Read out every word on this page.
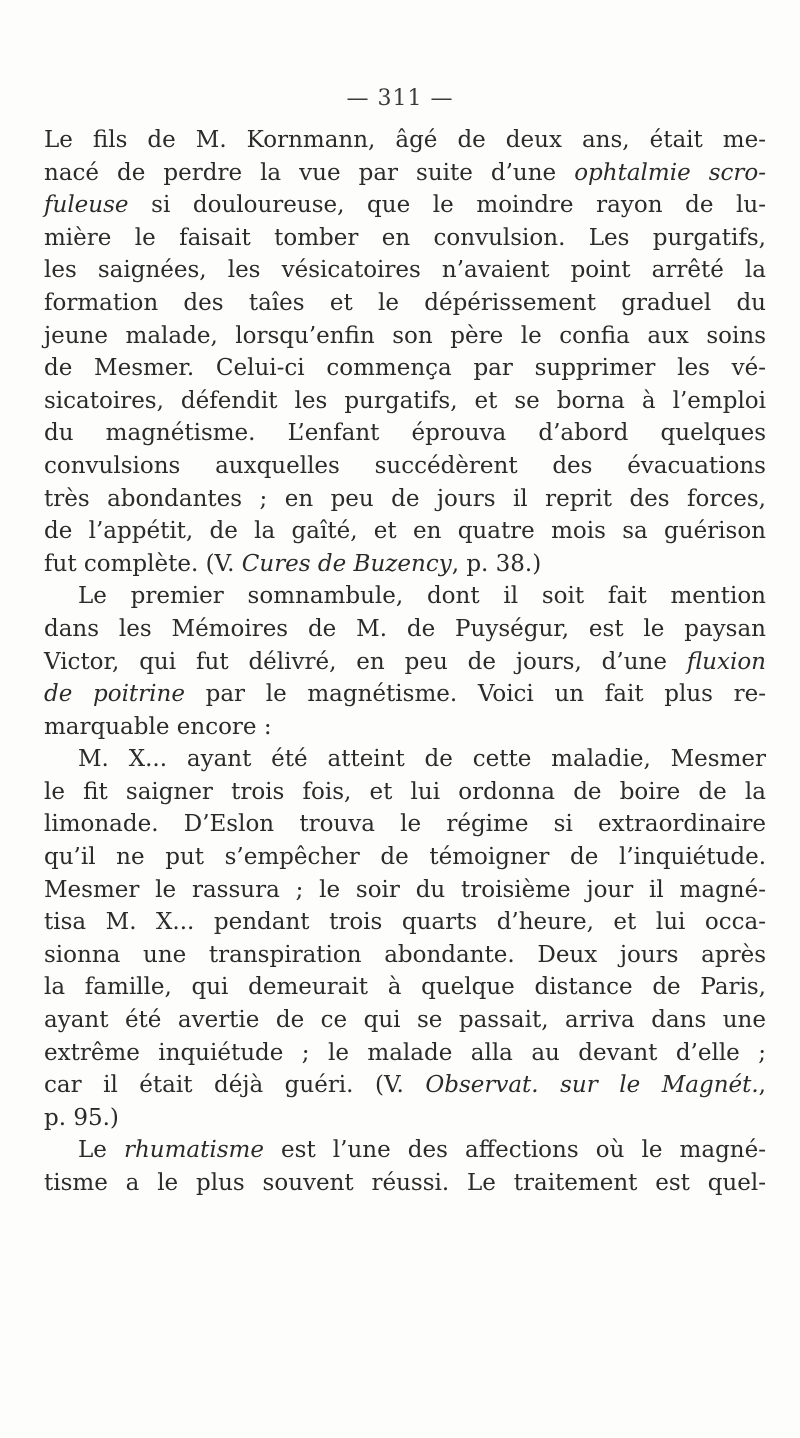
— 311 —
Le fils de M. Kornmann, âgé de deux ans, était me-
nacé de perdre la vue par suite d’une ophtalmie scro-
fuleuse si douloureuse, que le moindre rayon de lu-
mière le faisait tomber en convulsion. Les purgatifs,
les saignées, les vésicatoires n’avaient point arrêté la
formation des taîes et le dépérissement graduel du
jeune malade, lorsqu’enfin son père le confia aux soins
de Mesmer. Celui-ci commença par supprimer les vé-
sicatoires, défendit les purgatifs, et se borna à l’emploi
du magnétisme. L’enfant éprouva d’abord quelques
convulsions auxquelles succédèrent des évacuations
très abondantes ; en peu de jours il reprit des forces,
de l’appétit, de la gaîté, et en quatre mois sa guérison
fut complète. (V. Cures de Buzency, p. 38.)
Le premier somnambule, dont il soit fait mention
dans les Mémoires de M. de Puységur, est le paysan
Victor, qui fut délivré, en peu de jours, d’une fluxion
de poitrine par le magnétisme. Voici un fait plus re-
marquable encore :
M. X... ayant été atteint de cette maladie, Mesmer
le fit saigner trois fois, et lui ordonna de boire de la
limonade. D’Eslon trouva le régime si extraordinaire
qu’il ne put s’empêcher de témoigner de l’inquiétude.
Mesmer le rassura ; le soir du troisième jour il magné-
tisa M. X... pendant trois quarts d’heure, et lui occa-
sionna une transpiration abondante. Deux jours après
la famille, qui demeurait à quelque distance de Paris,
ayant été avertie de ce qui se passait, arriva dans une
extrême inquiétude ; le malade alla au devant d’elle ;
car il était déjà guéri. (V. Observat. sur le Magnét.,
p. 95.)
Le rhumatisme est l’une des affections où le magné-
tisme a le plus souvent réussi. Le traitement est quel-
